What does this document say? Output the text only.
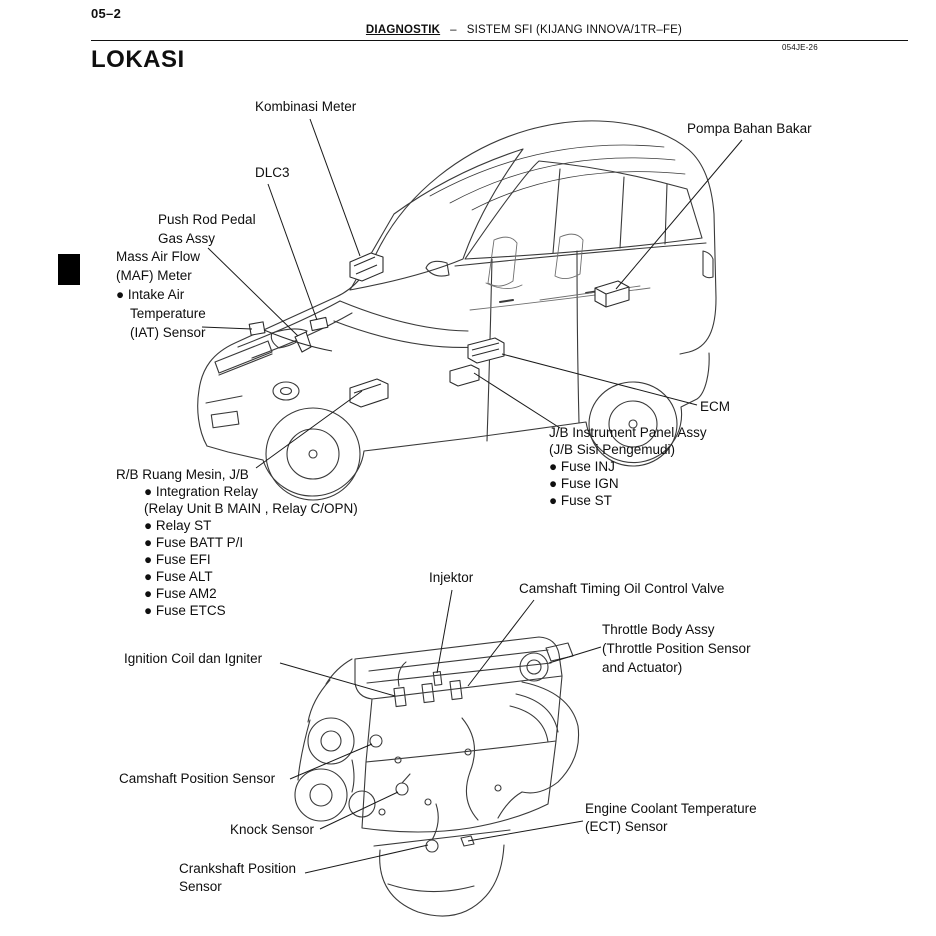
05–2
DIAGNOSTIK – SISTEM SFI (KIJANG INNOVA/1TR–FE)
054JE-26
LOKASI
Kombinasi Meter
Pompa Bahan Bakar
DLC3
Push Rod Pedal
Gas Assy
Mass Air Flow
(MAF) Meter
● Intake Air
Temperature
(IAT) Sensor
ECM
J/B Instrument Panel Assy
(J/B Sisi Pengemudi)
● Fuse INJ
● Fuse IGN
● Fuse ST
R/B Ruang Mesin, J/B
● Integration Relay
(Relay Unit B MAIN , Relay C/OPN)
● Relay ST
● Fuse BATT P/I
● Fuse EFI
● Fuse ALT
● Fuse AM2
● Fuse ETCS
Injektor
Camshaft Timing Oil Control Valve
Throttle Body Assy
(Throttle Position Sensor
and Actuator)
Ignition Coil dan Igniter
Camshaft Position Sensor
Knock Sensor
Engine Coolant Temperature
(ECT) Sensor
Crankshaft Position
Sensor
